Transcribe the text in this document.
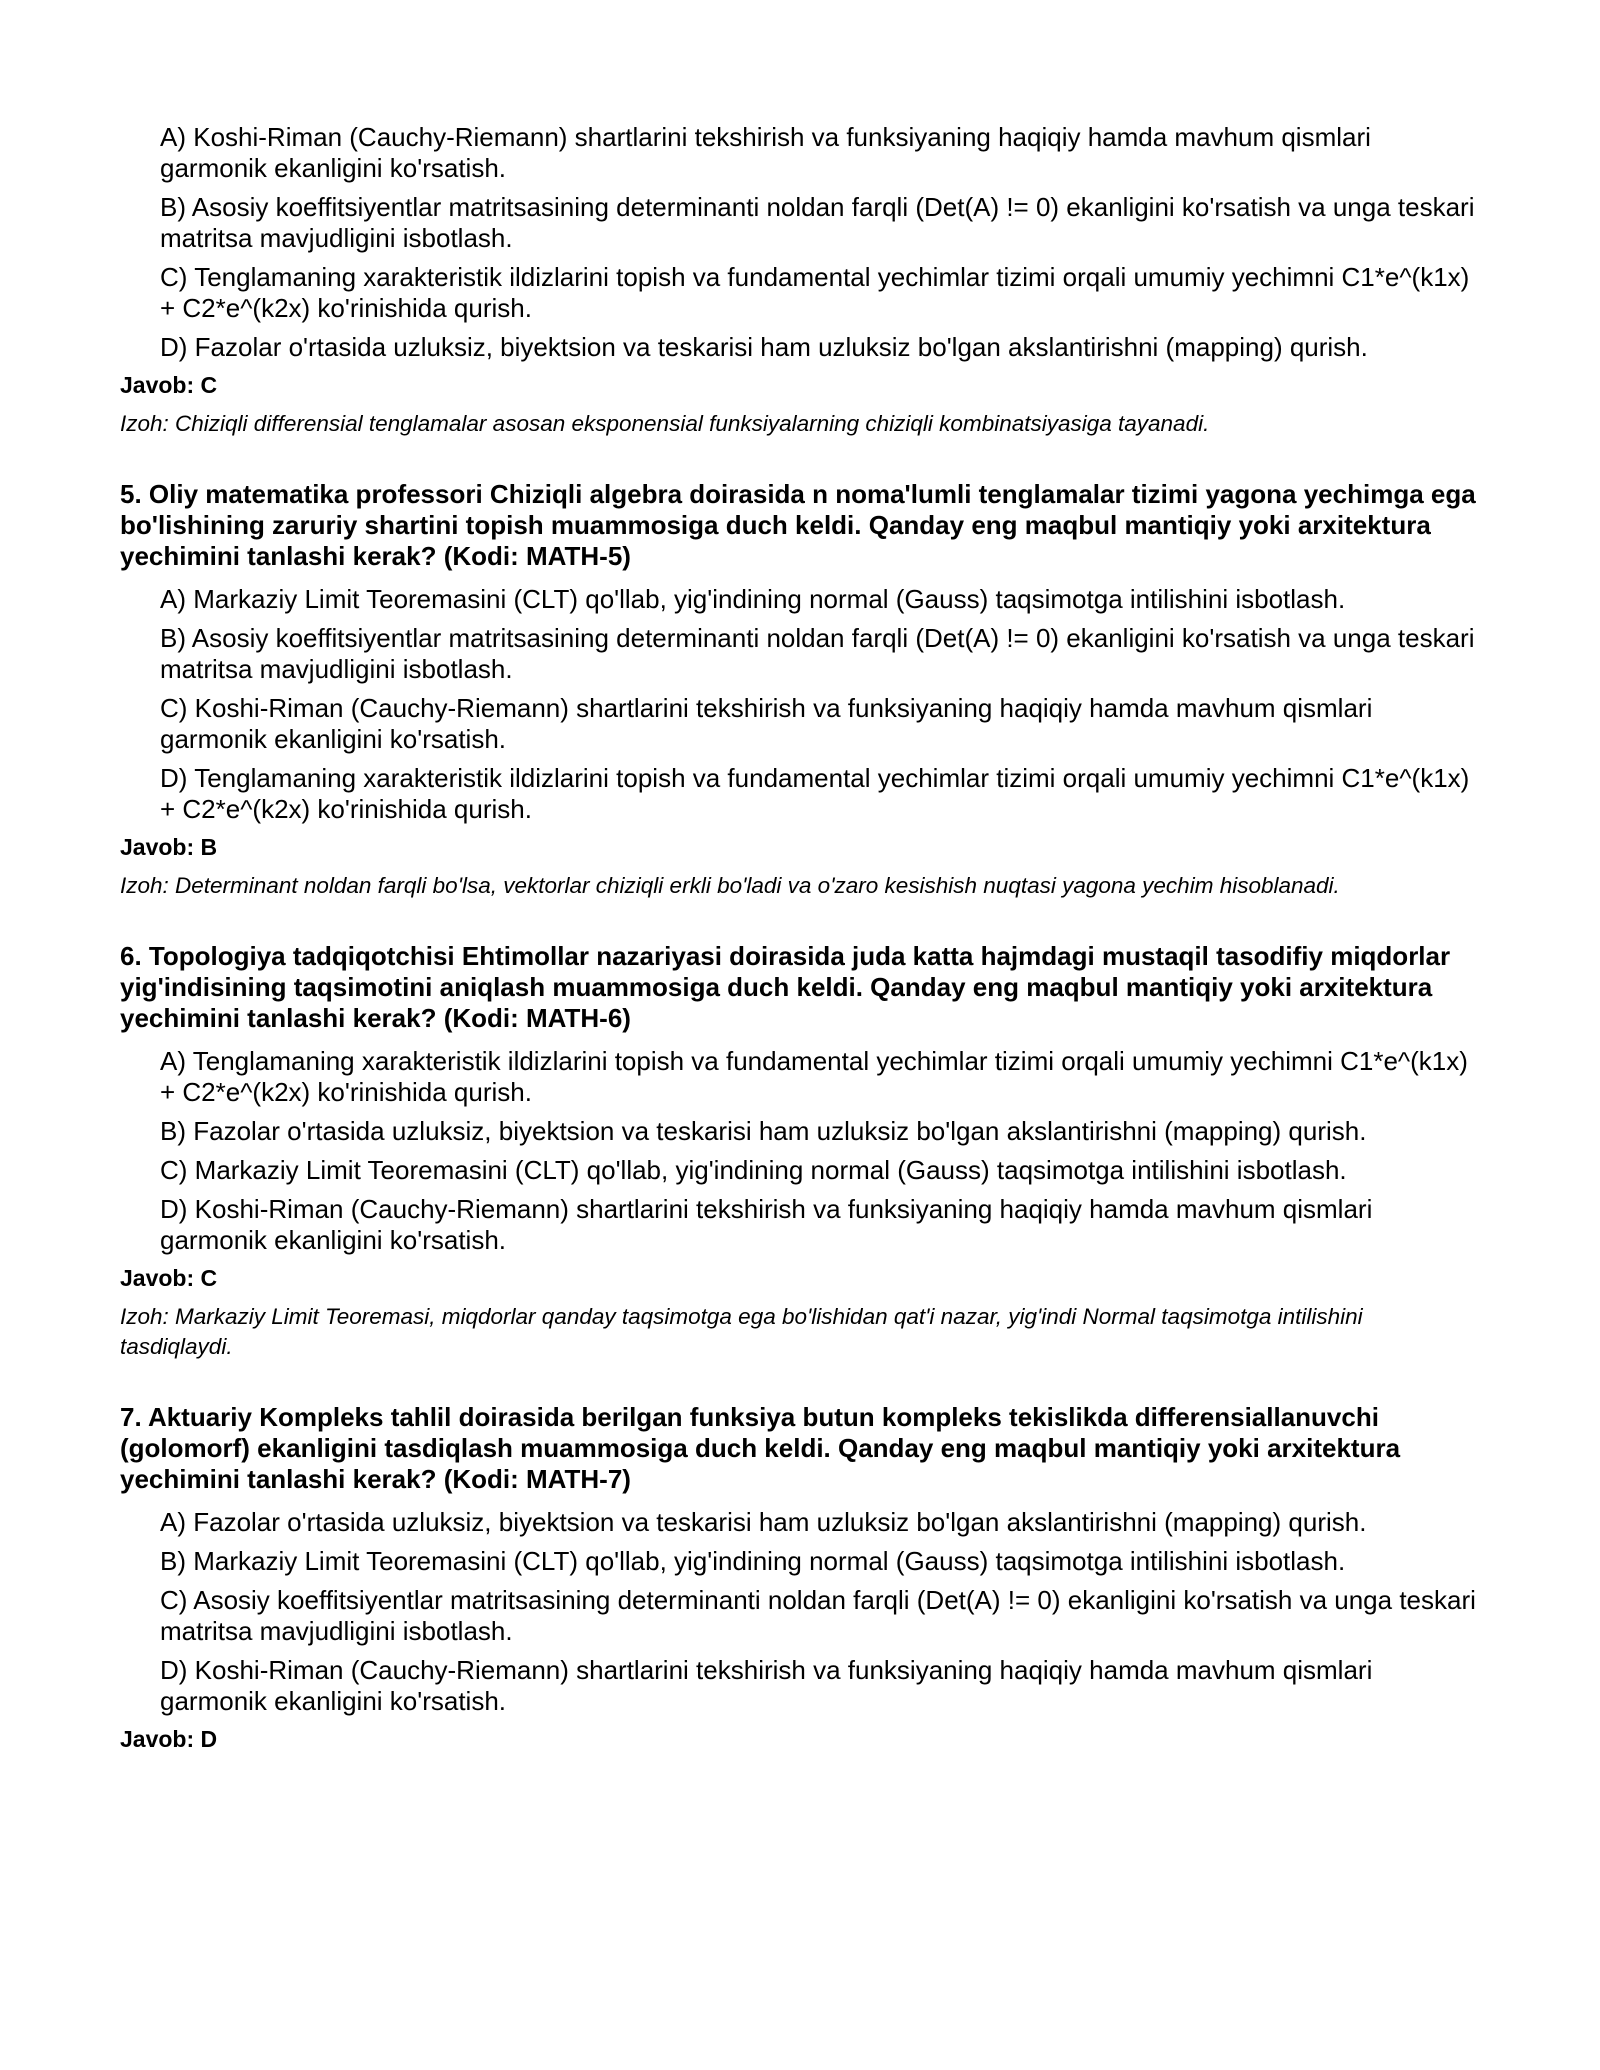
A) Koshi-Riman (Cauchy-Riemann) shartlarini tekshirish va funksiyaning haqiqiy hamda mavhum qismlari garmonik ekanligini ko'rsatish.
B) Asosiy koeffitsiyentlar matritsasining determinanti noldan farqli (Det(A) != 0) ekanligini ko'rsatish va unga teskari matritsa mavjudligini isbotlash.
C) Tenglamaning xarakteristik ildizlarini topish va fundamental yechimlar tizimi orqali umumiy yechimni C1*e^(k1x) + C2*e^(k2x) ko'rinishida qurish.
D) Fazolar o'rtasida uzluksiz, biyektsion va teskarisi ham uzluksiz bo'lgan akslantirishni (mapping) qurish.
Javob: C
Izoh: Chiziqli differensial tenglamalar asosan eksponensial funksiyalarning chiziqli kombinatsiyasiga tayanadi.
5. Oliy matematika professori Chiziqli algebra doirasida n noma'lumli tenglamalar tizimi yagona yechimga ega bo'lishining zaruriy shartini topish muammosiga duch keldi. Qanday eng maqbul mantiqiy yoki arxitektura yechimini tanlashi kerak? (Kodi: MATH-5)
A) Markaziy Limit Teoremasini (CLT) qo'llab, yig'indining normal (Gauss) taqsimotga intilishini isbotlash.
B) Asosiy koeffitsiyentlar matritsasining determinanti noldan farqli (Det(A) != 0) ekanligini ko'rsatish va unga teskari matritsa mavjudligini isbotlash.
C) Koshi-Riman (Cauchy-Riemann) shartlarini tekshirish va funksiyaning haqiqiy hamda mavhum qismlari garmonik ekanligini ko'rsatish.
D) Tenglamaning xarakteristik ildizlarini topish va fundamental yechimlar tizimi orqali umumiy yechimni C1*e^(k1x) + C2*e^(k2x) ko'rinishida qurish.
Javob: B
Izoh: Determinant noldan farqli bo'lsa, vektorlar chiziqli erkli bo'ladi va o'zaro kesishish nuqtasi yagona yechim hisoblanadi.
6. Topologiya tadqiqotchisi Ehtimollar nazariyasi doirasida juda katta hajmdagi mustaqil tasodifiy miqdorlar yig'indisining taqsimotini aniqlash muammosiga duch keldi. Qanday eng maqbul mantiqiy yoki arxitektura yechimini tanlashi kerak? (Kodi: MATH-6)
A) Tenglamaning xarakteristik ildizlarini topish va fundamental yechimlar tizimi orqali umumiy yechimni C1*e^(k1x) + C2*e^(k2x) ko'rinishida qurish.
B) Fazolar o'rtasida uzluksiz, biyektsion va teskarisi ham uzluksiz bo'lgan akslantirishni (mapping) qurish.
C) Markaziy Limit Teoremasini (CLT) qo'llab, yig'indining normal (Gauss) taqsimotga intilishini isbotlash.
D) Koshi-Riman (Cauchy-Riemann) shartlarini tekshirish va funksiyaning haqiqiy hamda mavhum qismlari garmonik ekanligini ko'rsatish.
Javob: C
Izoh: Markaziy Limit Teoremasi, miqdorlar qanday taqsimotga ega bo'lishidan qat'i nazar, yig'indi Normal taqsimotga intilishini tasdiqlaydi.
7. Aktuariy Kompleks tahlil doirasida berilgan funksiya butun kompleks tekislikda differensiallanuvchi (golomorf) ekanligini tasdiqlash muammosiga duch keldi. Qanday eng maqbul mantiqiy yoki arxitektura yechimini tanlashi kerak? (Kodi: MATH-7)
A) Fazolar o'rtasida uzluksiz, biyektsion va teskarisi ham uzluksiz bo'lgan akslantirishni (mapping) qurish.
B) Markaziy Limit Teoremasini (CLT) qo'llab, yig'indining normal (Gauss) taqsimotga intilishini isbotlash.
C) Asosiy koeffitsiyentlar matritsasining determinanti noldan farqli (Det(A) != 0) ekanligini ko'rsatish va unga teskari matritsa mavjudligini isbotlash.
D) Koshi-Riman (Cauchy-Riemann) shartlarini tekshirish va funksiyaning haqiqiy hamda mavhum qismlari garmonik ekanligini ko'rsatish.
Javob: D
